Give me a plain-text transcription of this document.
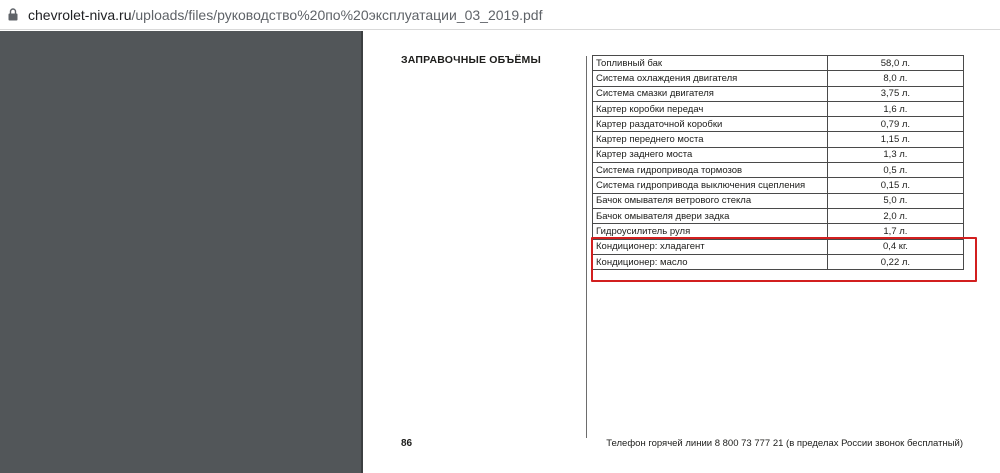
chevrolet-niva.ru/uploads/files/руководство%20по%20эксплуатации_03_2019.pdf
ЗАПРАВОЧНЫЕ ОБЪЁМЫ	Топливный бак	58,0 л.
Система охлаждения двигателя	8,0 л.
Система смазки двигателя	3,75 л.
Картер коробки передач	1,6 л.
Картер раздаточной коробки	0,79 л.
Картер переднего моста	1,15 л.
Картер заднего моста	1,3 л.
Система гидропривода тормозов	0,5 л.
Система гидропривода выключения сцепления	0,15 л.
Бачок омывателя ветрового стекла	5,0 л.
Бачок омывателя двери задка	2,0 л.
Гидроусилитель руля	1,7 л.
Кондиционер: хладагент	0,4 кг.
Кондиционер: масло	0,22 л.
86	Телефон горячей линии 8 800 73 777 21 (в пределах России звонок бесплатный)
